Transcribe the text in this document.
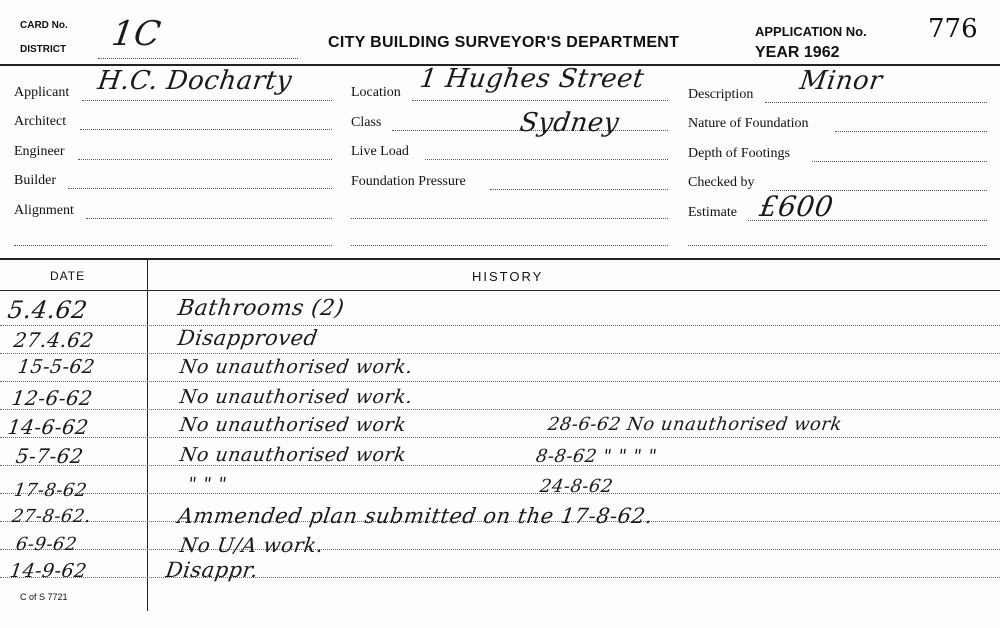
CARD No.
DISTRICT 1C	CITY BUILDING SURVEYOR'S DEPARTMENT
APPLICATION No. 776
YEAR 1962
Applicant H.C. Docharty
Architect
Engineer
Builder
Alignment
Location 1 Hughes Street
Class	Sydney
Live Load
Foundation Pressure
Description Minor
Nature of Foundation
Depth of Footings
Checked by
Estimate £600
DATE	HISTORY
5.4.62	Bathrooms (2)
27.4.62	Disapproved
15-5-62	No unauthorised work.
12-6-62	No unauthorised work.
14-6-62	No unauthorised work	28-6-62 No unauthorised work
5-7-62	No unauthorised work	8-8-62 " " " "
17-8-62	" " "	24-8-62
27-8-62.	Ammended plan submitted on the 17-8-62.
6-9-62	No U/A work.
14-9-62	Disappr.
C of S 7721
